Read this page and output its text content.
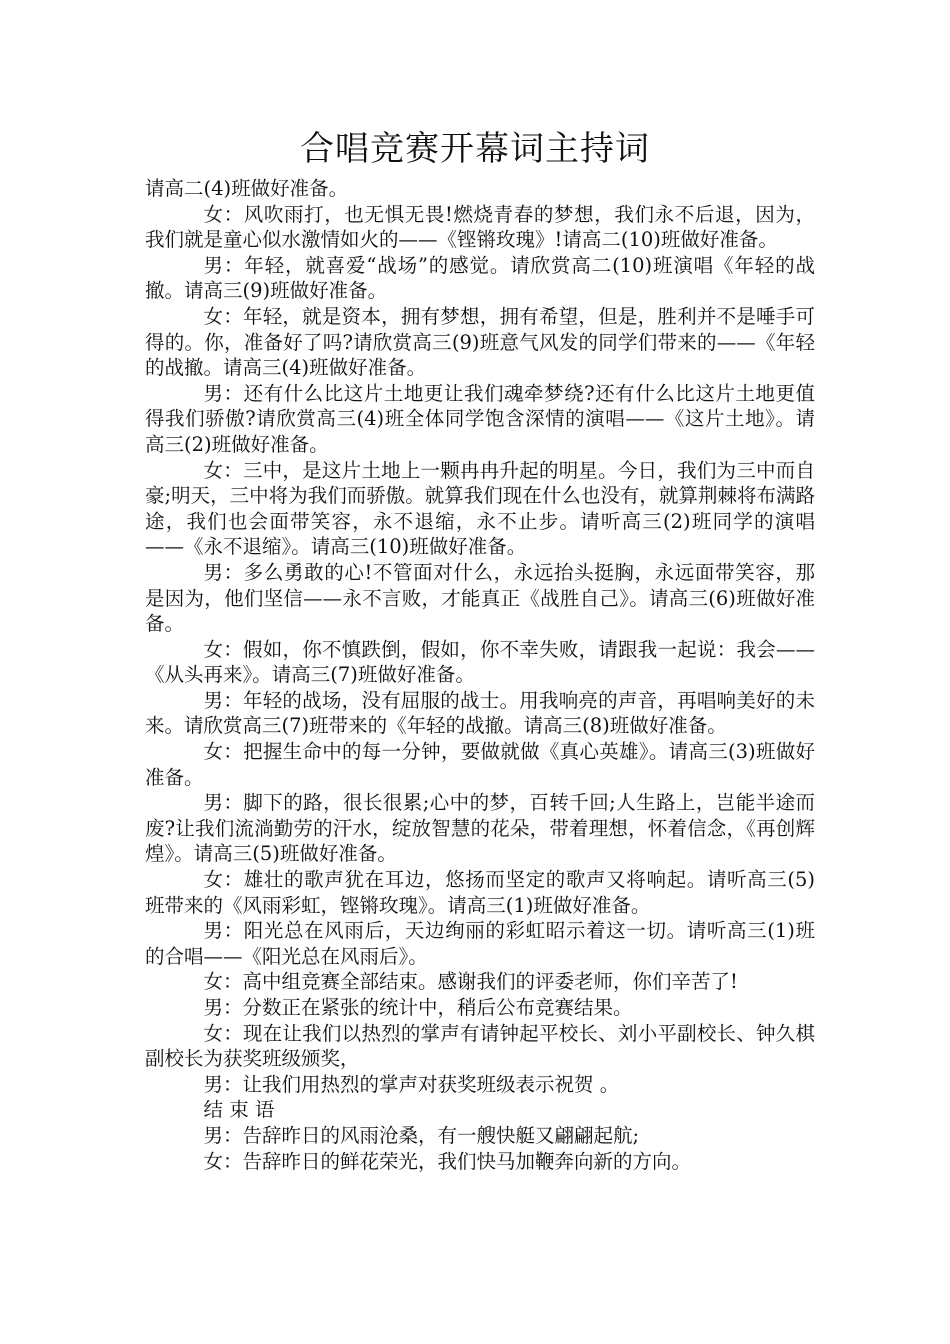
合唱竞赛开幕词主持词

请高二(4)班做好准备。

女：风吹雨打，也无惧无畏!燃烧青春的梦想，我们永不后退，因为，我们就是童心似水激情如火的——《铿锵玫瑰》!请高二(10)班做好准备。

男：年轻，就喜爱“战场”的感觉。请欣赏高二(10)班演唱《年轻的战撤。请高三(9)班做好准备。

女：年轻，就是资本，拥有梦想，拥有希望，但是，胜利并不是唾手可得的。你，准备好了吗?请欣赏高三(9)班意气风发的同学们带来的——《年轻的战撤。请高三(4)班做好准备。

男：还有什么比这片土地更让我们魂牵梦绕?还有什么比这片土地更值得我们骄傲?请欣赏高三(4)班全体同学饱含深情的演唱——《这片土地》。请高三(2)班做好准备。

女：三中，是这片土地上一颗冉冉升起的明星。今日，我们为三中而自豪;明天，三中将为我们而骄傲。就算我们现在什么也没有，就算荆棘将布满路途，我们也会面带笑容，永不退缩，永不止步。请听高三(2)班同学的演唱——《永不退缩》。请高三(10)班做好准备。

男：多么勇敢的心!不管面对什么，永远抬头挺胸，永远面带笑容，那是因为，他们坚信——永不言败，才能真正《战胜自己》。请高三(6)班做好准备。

女：假如，你不慎跌倒，假如，你不幸失败，请跟我一起说：我会——《从头再来》。请高三(7)班做好准备。

男：年轻的战场，没有屈服的战士。用我响亮的声音，再唱响美好的未来。请欣赏高三(7)班带来的《年轻的战撤。请高三(8)班做好准备。

女：把握生命中的每一分钟，要做就做《真心英雄》。请高三(3)班做好准备。

男：脚下的路，很长很累;心中的梦，百转千回;人生路上，岂能半途而废?让我们流淌勤劳的汗水，绽放智慧的花朵，带着理想，怀着信念，《再创辉煌》。请高三(5)班做好准备。

女：雄壮的歌声犹在耳边，悠扬而坚定的歌声又将响起。请听高三(5)班带来的《风雨彩虹，铿锵玫瑰》。请高三(1)班做好准备。

男：阳光总在风雨后，天边绚丽的彩虹昭示着这一切。请听高三(1)班的合唱——《阳光总在风雨后》。

女：高中组竞赛全部结束。感谢我们的评委老师，你们辛苦了!

男：分数正在紧张的统计中，稍后公布竞赛结果。

女：现在让我们以热烈的掌声有请钟起平校长、刘小平副校长、钟久棋副校长为获奖班级颁奖，

男：让我们用热烈的掌声对获奖班级表示祝贺 。

结 束 语

男：告辞昨日的风雨沧桑，有一艘快艇又翩翩起航;

女：告辞昨日的鲜花荣光，我们快马加鞭奔向新的方向。
